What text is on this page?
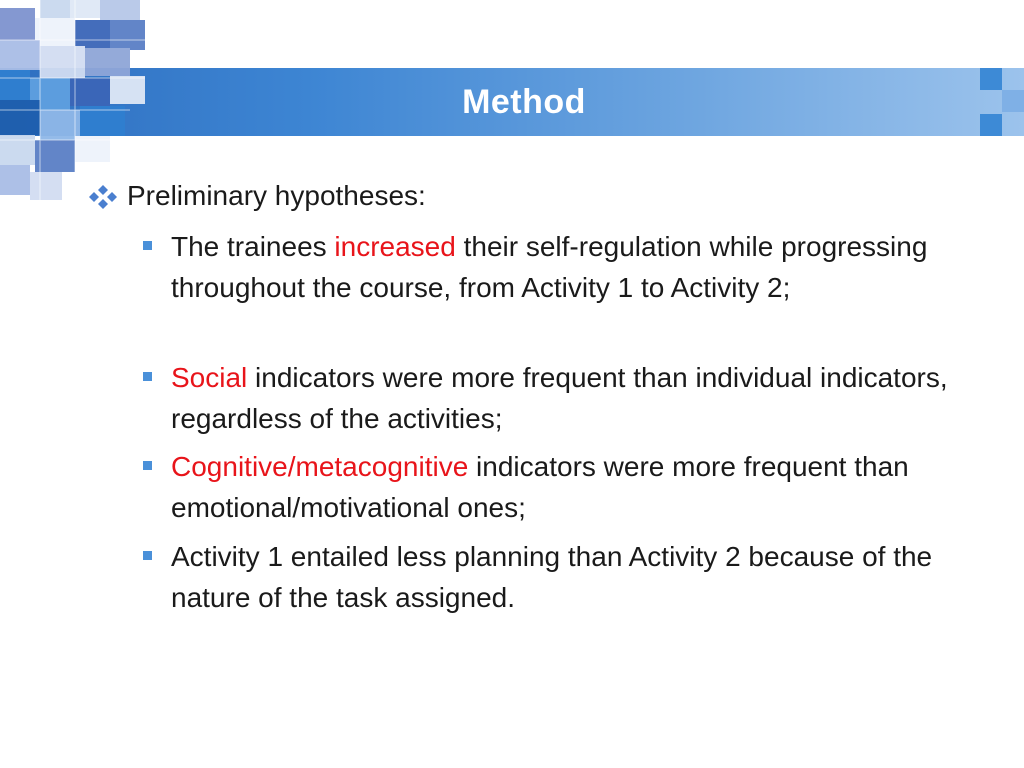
Method
Preliminary hypotheses:
The trainees increased their self-regulation while progressing throughout the course, from Activity 1 to Activity 2;
Social indicators were more frequent than individual indicators, regardless of the activities;
Cognitive/metacognitive indicators were more frequent than emotional/motivational ones;
Activity 1 entailed less planning than Activity 2 because of the nature of the task assigned.
